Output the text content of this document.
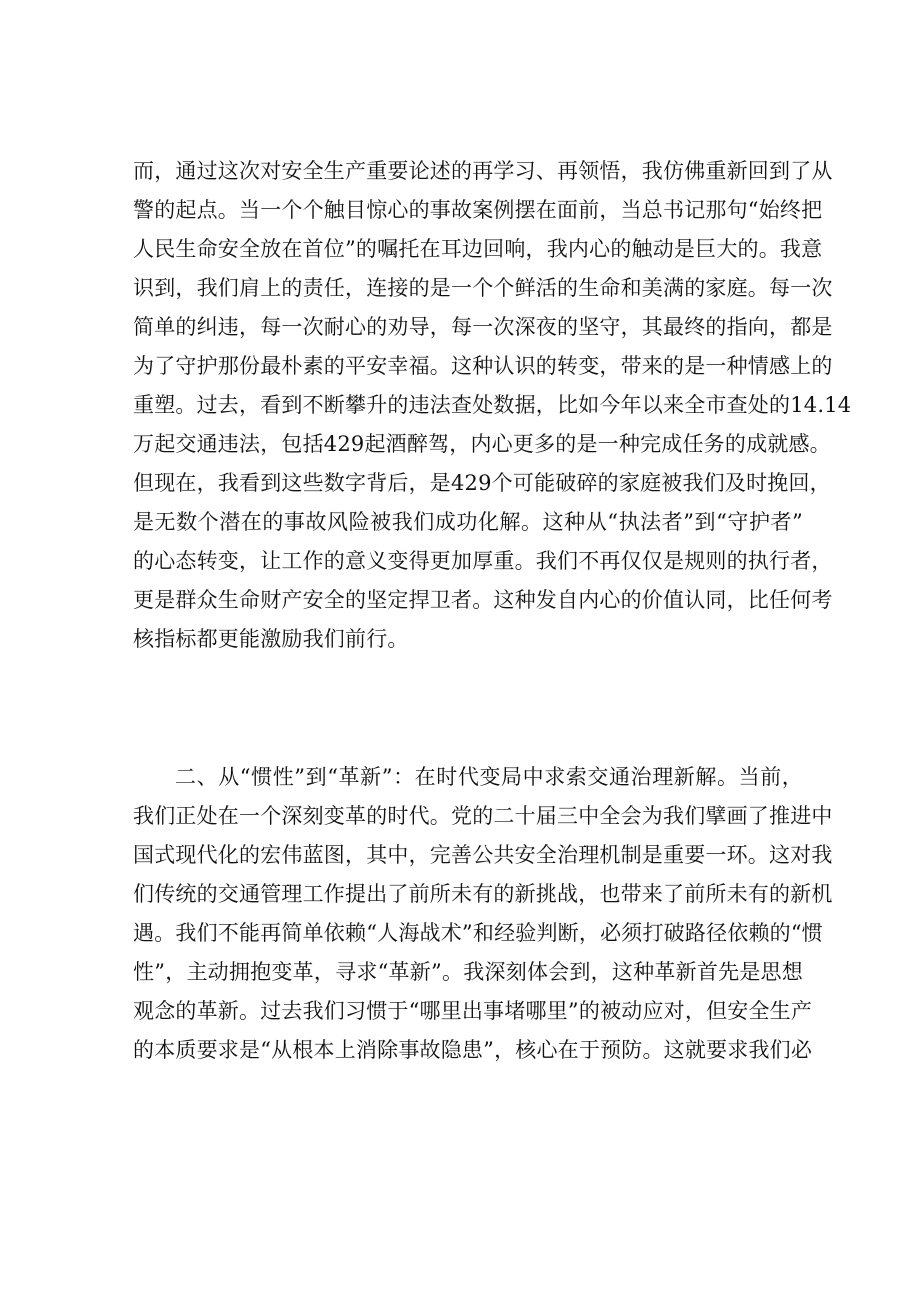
而，通过这次对安全生产重要论述的再学习、再领悟，我仿佛重新回到了从
警的起点。当一个个触目惊心的事故案例摆在面前，当总书记那句“始终把
人民生命安全放在首位”的嘱托在耳边回响，我内心的触动是巨大的。我意
识到，我们肩上的责任，连接的是一个个鲜活的生命和美满的家庭。每一次
简单的纠违，每一次耐心的劝导，每一次深夜的坚守，其最终的指向，都是
为了守护那份最朴素的平安幸福。这种认识的转变，带来的是一种情感上的
重塑。过去，看到不断攀升的违法查处数据，比如今年以来全市查处的14.14
万起交通违法，包括429起酒醉驾，内心更多的是一种完成任务的成就感。
但现在，我看到这些数字背后，是429个可能破碎的家庭被我们及时挽回，
是无数个潜在的事故风险被我们成功化解。这种从“执法者”到“守护者”
的心态转变，让工作的意义变得更加厚重。我们不再仅仅是规则的执行者，
更是群众生命财产安全的坚定捍卫者。这种发自内心的价值认同，比任何考
核指标都更能激励我们前行。
二、从“惯性”到“革新”：在时代变局中求索交通治理新解。当前，
我们正处在一个深刻变革的时代。党的二十届三中全会为我们擘画了推进中
国式现代化的宏伟蓝图，其中，完善公共安全治理机制是重要一环。这对我
们传统的交通管理工作提出了前所未有的新挑战，也带来了前所未有的新机
遇。我们不能再简单依赖“人海战术”和经验判断，必须打破路径依赖的“惯
性”，主动拥抱变革，寻求“革新”。我深刻体会到，这种革新首先是思想
观念的革新。过去我们习惯于“哪里出事堵哪里”的被动应对，但安全生产
的本质要求是“从根本上消除事故隐患”，核心在于预防。这就要求我们必
